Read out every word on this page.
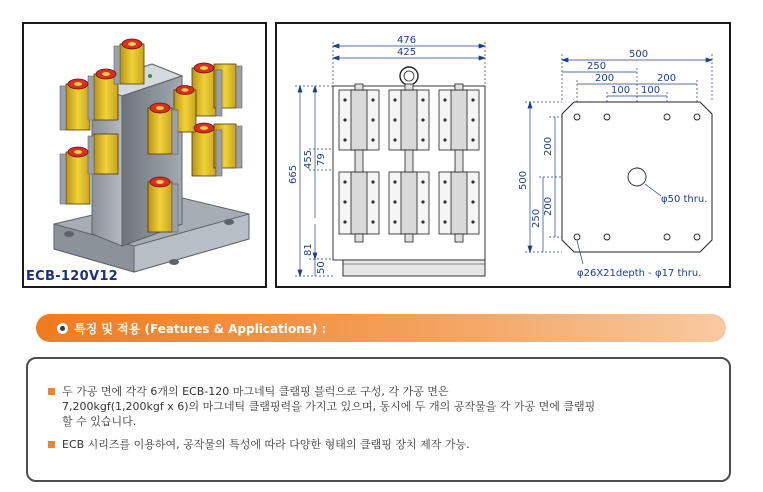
ECB-120V12
476
425
665
455 79
81
50
500
250
200	200
100 100
500
250
200
200	φ50 thru.
φ26X21depth - φ17 thru.
특징 및 적용 (Features & Applications) :
두 가공 면에 각각 6개의 ECB-120 마그네틱 클램핑 블럭으로 구성, 각 가공 면은
7,200kgf(1,200kgf x 6)의 마그네틱 클램핑력을 가지고 있으며, 동시에 두 개의 공작물을 각 가공 면에 클램핑
할 수 있습니다.
ECB 시리즈를 이용하여, 공작물의 특성에 따라 다양한 형태의 클램핑 장치 제작 가능.
